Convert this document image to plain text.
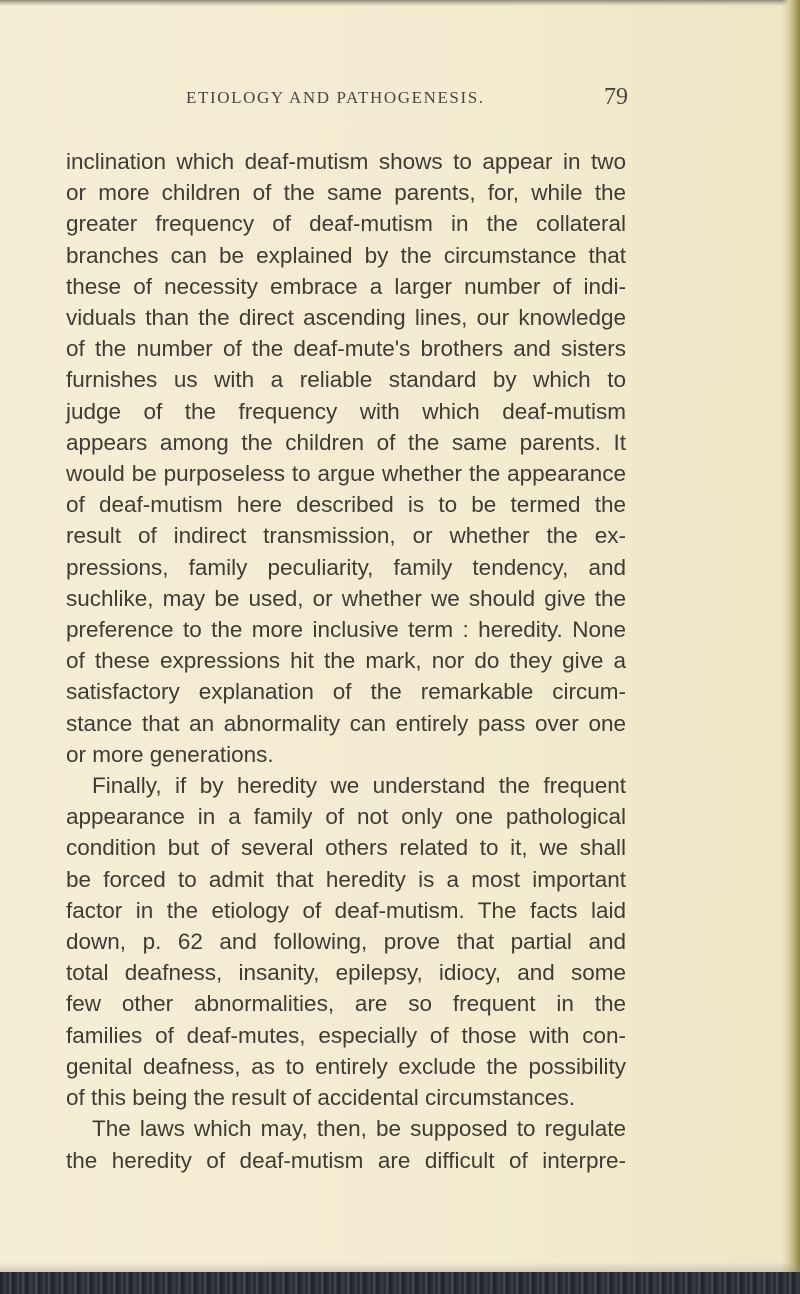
ETIOLOGY AND PATHOGENESIS.	79
inclination which deaf-mutism shows to appear in two
or more children of the same parents, for, while the
greater frequency of deaf-mutism in the collateral
branches can be explained by the circumstance that
these of necessity embrace a larger number of indi-
viduals than the direct ascending lines, our knowledge
of the number of the deaf-mute's brothers and sisters
furnishes us with a reliable standard by which to
judge of the frequency with which deaf-mutism
appears among the children of the same parents. It
would be purposeless to argue whether the appearance
of deaf-mutism here described is to be termed the
result of indirect transmission, or whether the ex-
pressions, family peculiarity, family tendency, and
suchlike, may be used, or whether we should give the
preference to the more inclusive term : heredity. None
of these expressions hit the mark, nor do they give a
satisfactory explanation of the remarkable circum-
stance that an abnormality can entirely pass over one
or more generations.
Finally, if by heredity we understand the frequent
appearance in a family of not only one pathological
condition but of several others related to it, we shall
be forced to admit that heredity is a most important
factor in the etiology of deaf-mutism. The facts laid
down, p. 62 and following, prove that partial and
total deafness, insanity, epilepsy, idiocy, and some
few other abnormalities, are so frequent in the
families of deaf-mutes, especially of those with con-
genital deafness, as to entirely exclude the possibility
of this being the result of accidental circumstances.
The laws which may, then, be supposed to regulate
the heredity of deaf-mutism are difficult of interpre-
